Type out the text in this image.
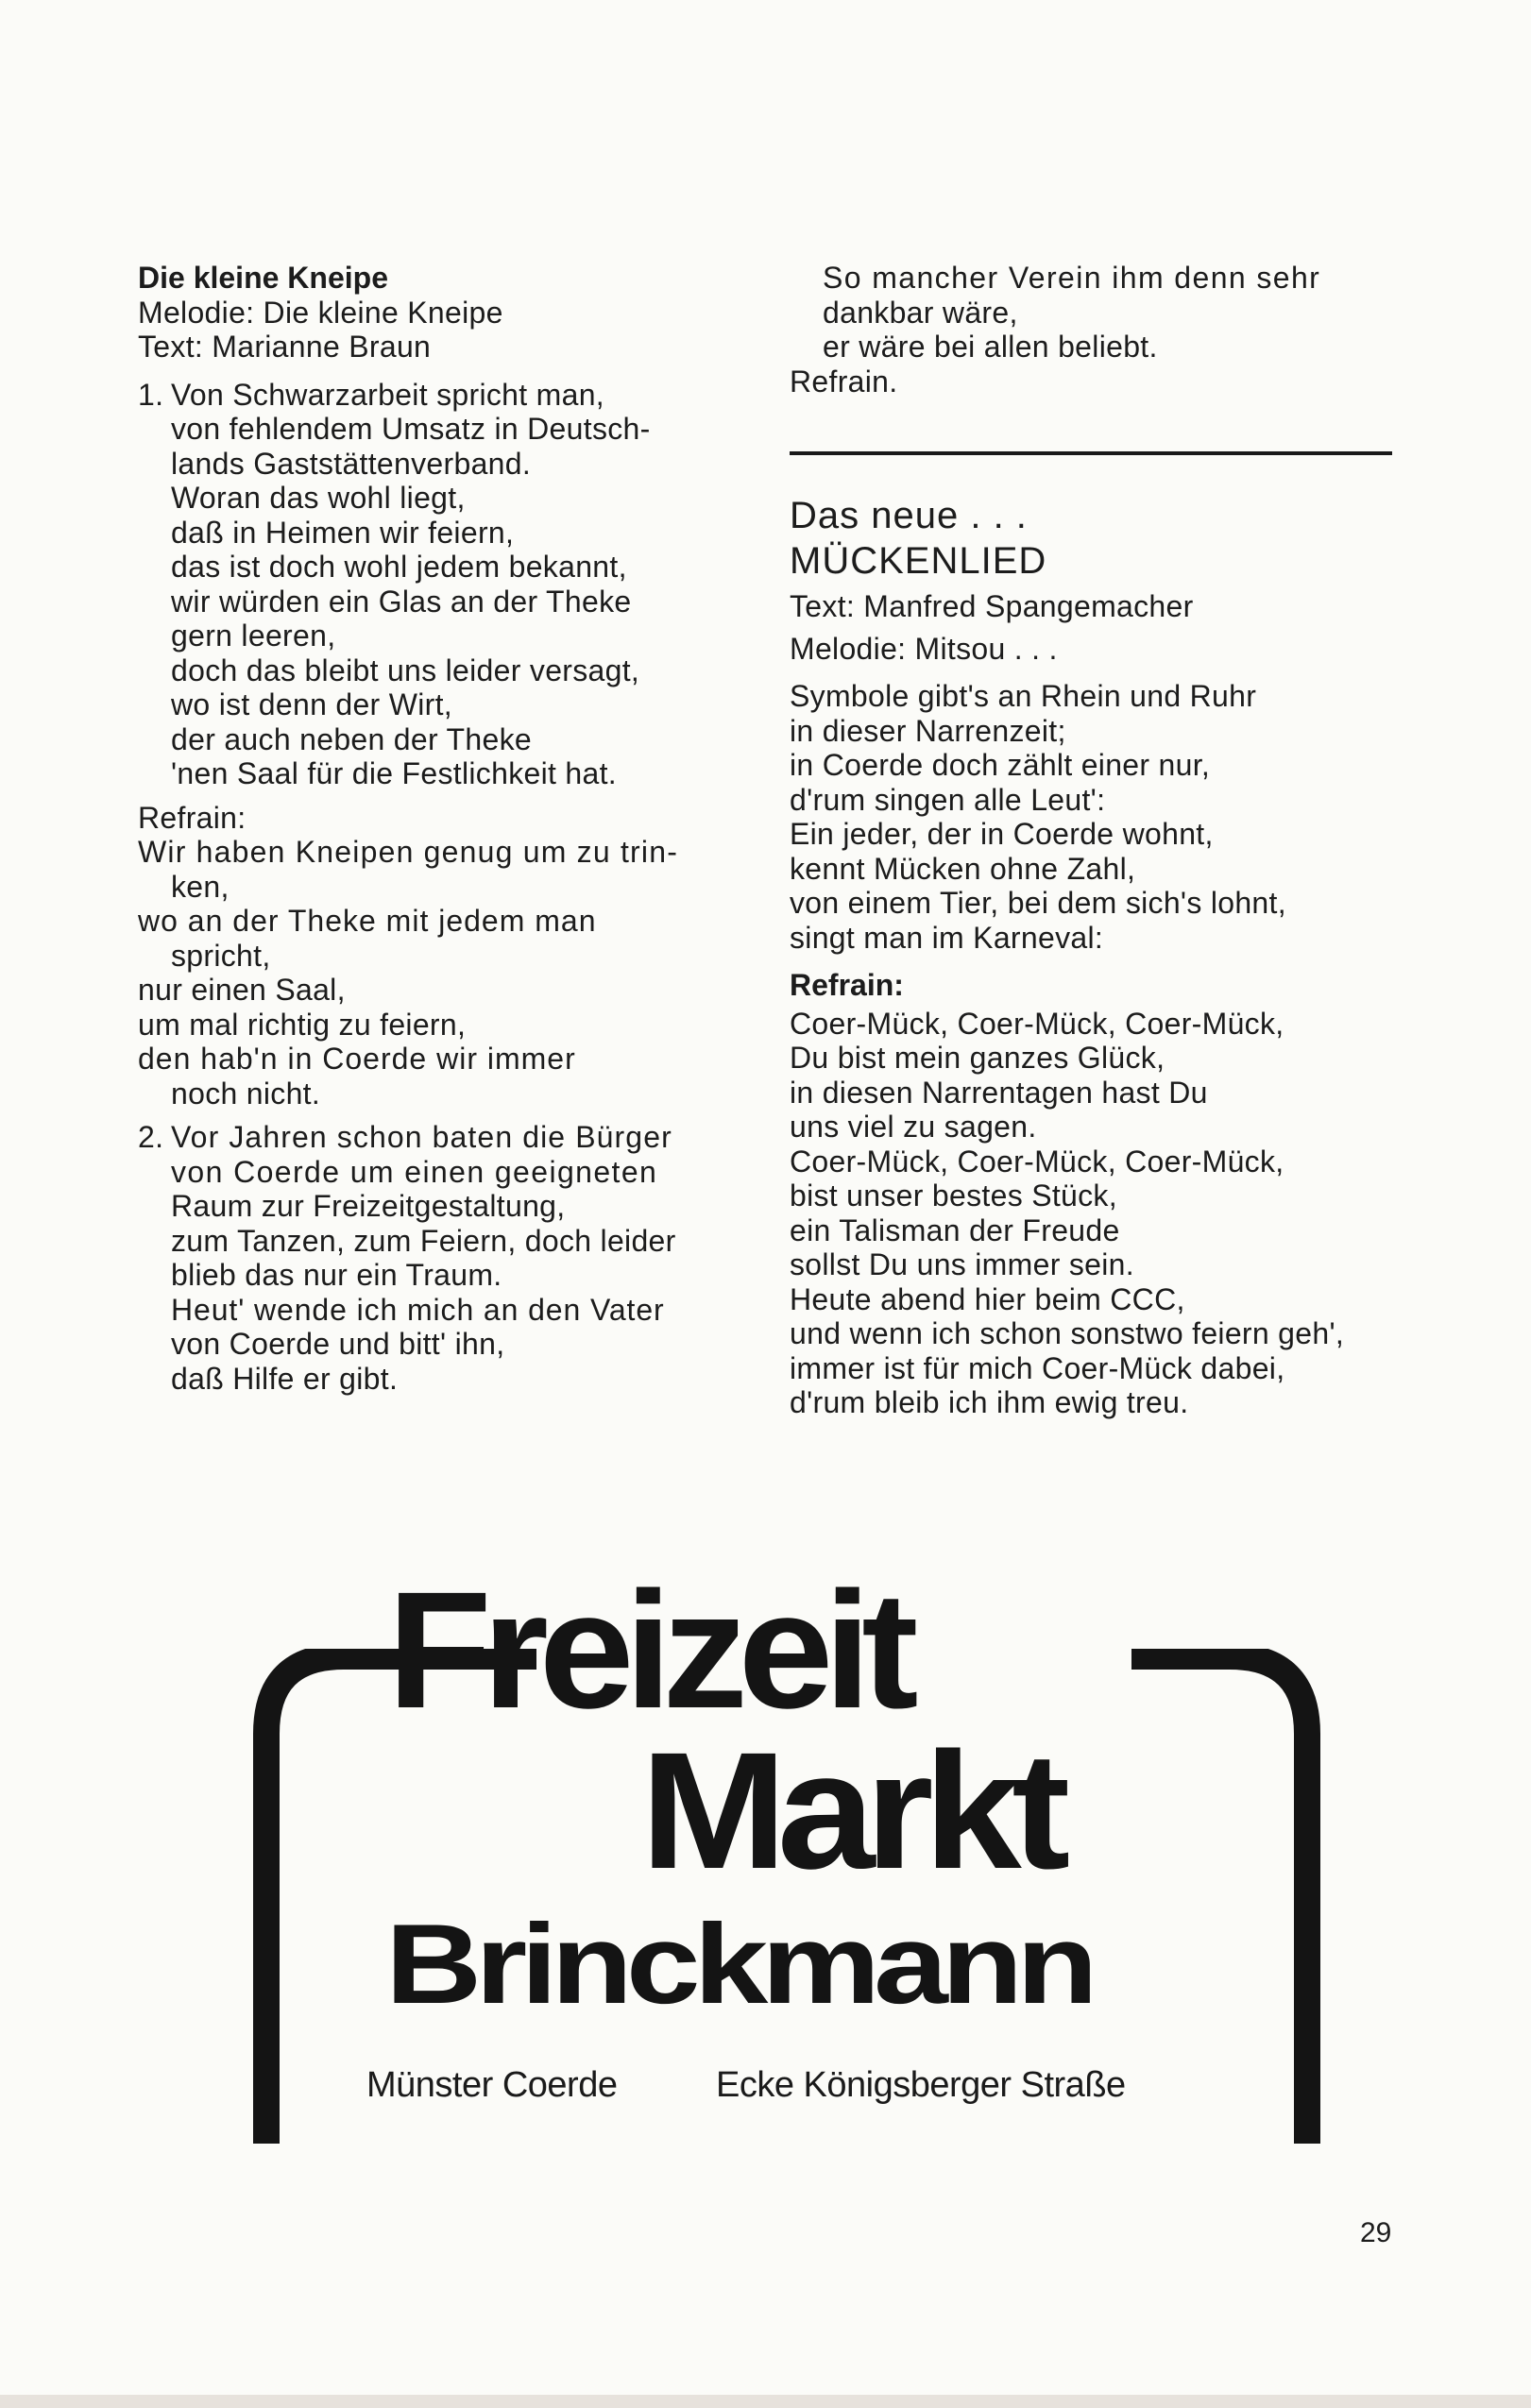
Die kleine Kneipe
Melodie: Die kleine Kneipe
Text: Marianne Braun
1. Von Schwarzarbeit spricht man,
von fehlendem Umsatz in Deutsch-
lands Gaststättenverband.
Woran das wohl liegt,
daß in Heimen wir feiern,
das ist doch wohl jedem bekannt,
wir würden ein Glas an der Theke
gern leeren,
doch das bleibt uns leider versagt,
wo ist denn der Wirt,
der auch neben der Theke
'nen Saal für die Festlichkeit hat.
Refrain:
Wir haben Kneipen genug um zu trin-
ken,
wo an der Theke mit jedem man
spricht,
nur einen Saal,
um mal richtig zu feiern,
den hab'n in Coerde wir immer
noch nicht.
2. Vor Jahren schon baten die Bürger
von Coerde um einen geeigneten
Raum zur Freizeitgestaltung,
zum Tanzen, zum Feiern, doch leider
blieb das nur ein Traum.
Heut' wende ich mich an den Vater
von Coerde und bitt' ihn,
daß Hilfe er gibt.
So mancher Verein ihm denn sehr
dankbar wäre,
er wäre bei allen beliebt.
Refrain.
Das neue . . .
MÜCKENLIED
Text: Manfred Spangemacher
Melodie: Mitsou . . .
Symbole gibt's an Rhein und Ruhr
in dieser Narrenzeit;
in Coerde doch zählt einer nur,
d'rum singen alle Leut':
Ein jeder, der in Coerde wohnt,
kennt Mücken ohne Zahl,
von einem Tier, bei dem sich's lohnt,
singt man im Karneval:
Refrain:
Coer-Mück, Coer-Mück, Coer-Mück,
Du bist mein ganzes Glück,
in diesen Narrentagen hast Du
uns viel zu sagen.
Coer-Mück, Coer-Mück, Coer-Mück,
bist unser bestes Stück,
ein Talisman der Freude
sollst Du uns immer sein.
Heute abend hier beim CCC,
und wenn ich schon sonstwo feiern geh',
immer ist für mich Coer-Mück dabei,
d'rum bleib ich ihm ewig treu.
Freizeit
Markt
Brinckmann
Münster Coerde	Ecke Königsberger Straße
29
